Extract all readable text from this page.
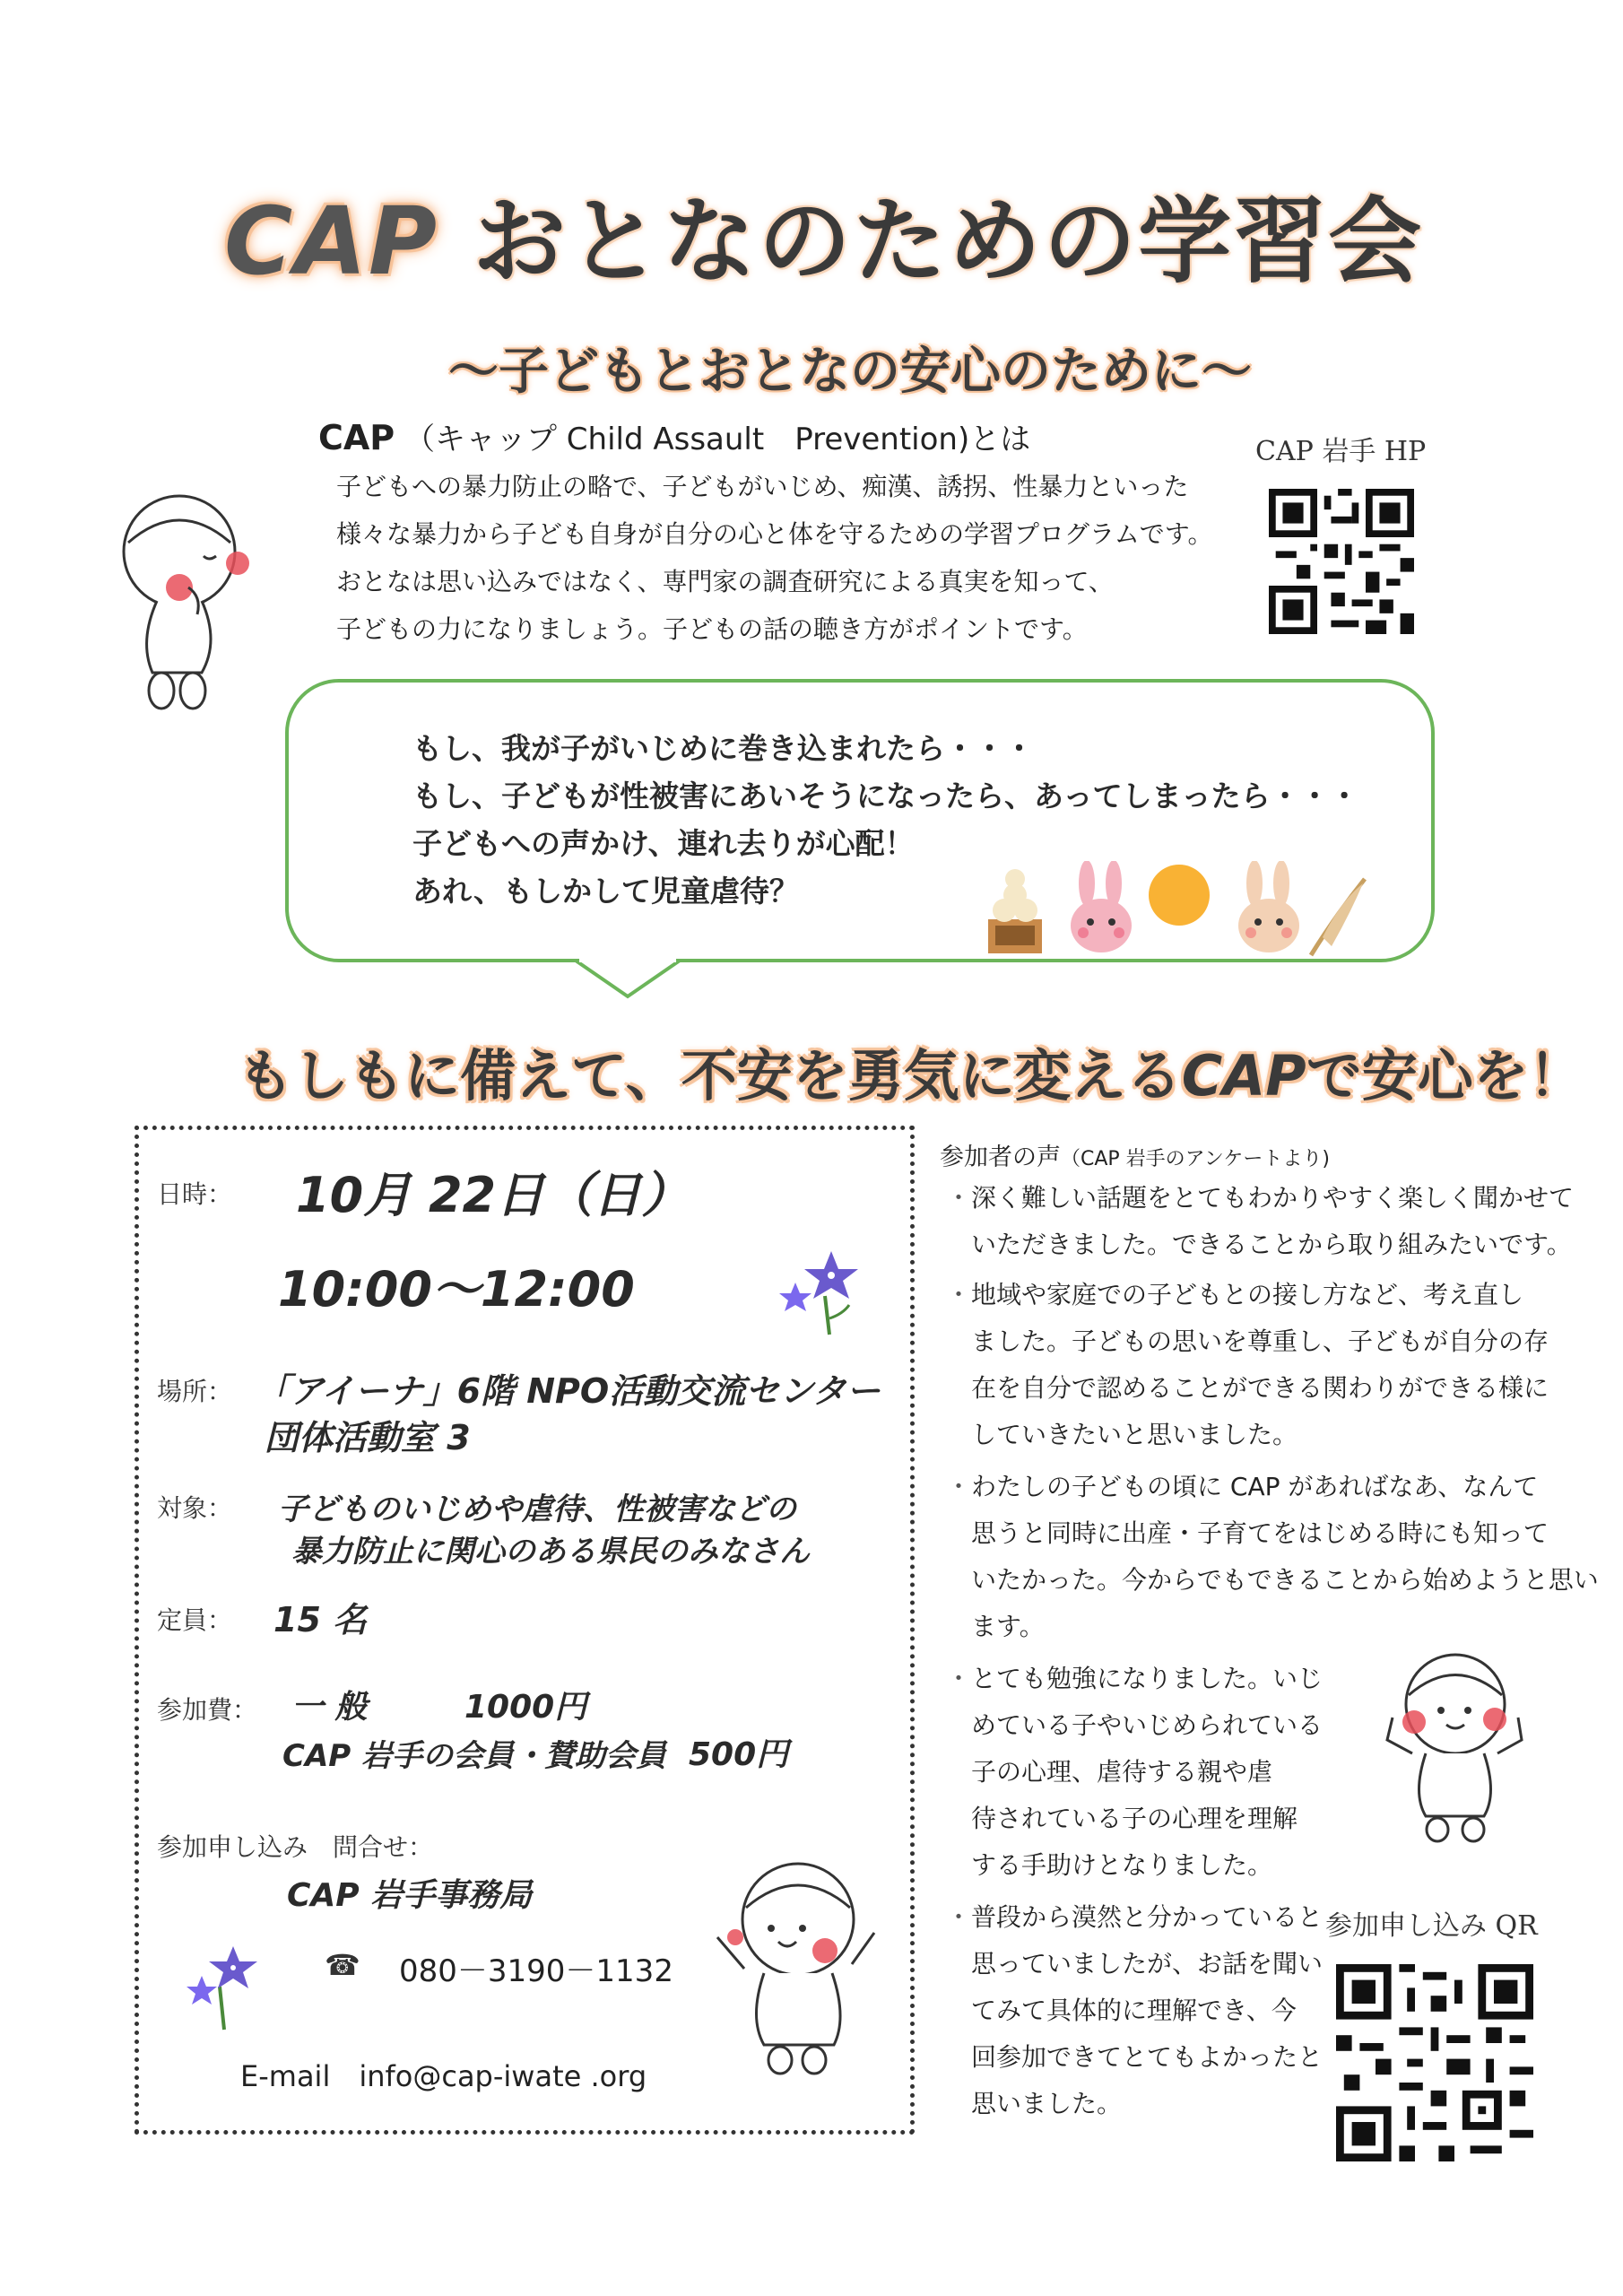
CAP おとなのための学習会
～子どもとおとなの安心のために～
CAP （キャップ Child Assault　Prevention)とは
子どもへの暴力防止の略で、子どもがいじめ、痴漢、誘拐、性暴力といった
様々な暴力から子ども自身が自分の心と体を守るための学習プログラムです。
おとなは思い込みではなく、専門家の調査研究による真実を知って、
子どもの力になりましょう。子どもの話の聴き方がポイントです。
CAP 岩手 HP
もし、我が子がいじめに巻き込まれたら・・・
もし、子どもが性被害にあいそうになったら、あってしまったら・・・
子どもへの声かけ、連れ去りが心配！
あれ、もしかして児童虐待？
もしもに備えて、不安を勇気に変えるCAPで安心を！
日時： 10月 22日（日）
10:00～12:00
場所： 「アイーナ」6階 NPO活動交流センター
団体活動室 3
対象： 子どものいじめや虐待、性被害などの
暴力防止に関心のある県民のみなさん
定員： 15 名
参加費： 一 般	1000円
CAP 岩手の会員・賛助会員 500円
参加申し込み　問合せ：
CAP 岩手事務局
☎ 080－3190－1132
E-mail　info@cap-iwate .org
参加者の声（CAP 岩手のアンケートより)
・ 深く難しい話題をとてもわかりやすく楽しく聞かせて
いただきました。できることから取り組みたいです。
・ 地域や家庭での子どもとの接し方など、考え直し
ました。子どもの思いを尊重し、子どもが自分の存
在を自分で認めることができる関わりができる様に
していきたいと思いました。
・ わたしの子どもの頃に CAP があればなあ、なんて
思うと同時に出産・子育てをはじめる時にも知って
いたかった。今からでもできることから始めようと思い
ます。
・ とても勉強になりました。いじ
めている子やいじめられている
子の心理、虐待する親や虐
待されている子の心理を理解
する手助けとなりました。
・ 普段から漠然と分かっていると
思っていましたが、お話を聞い
てみて具体的に理解でき、今
回参加できてとてもよかったと
思いました。
参加申し込み QR
